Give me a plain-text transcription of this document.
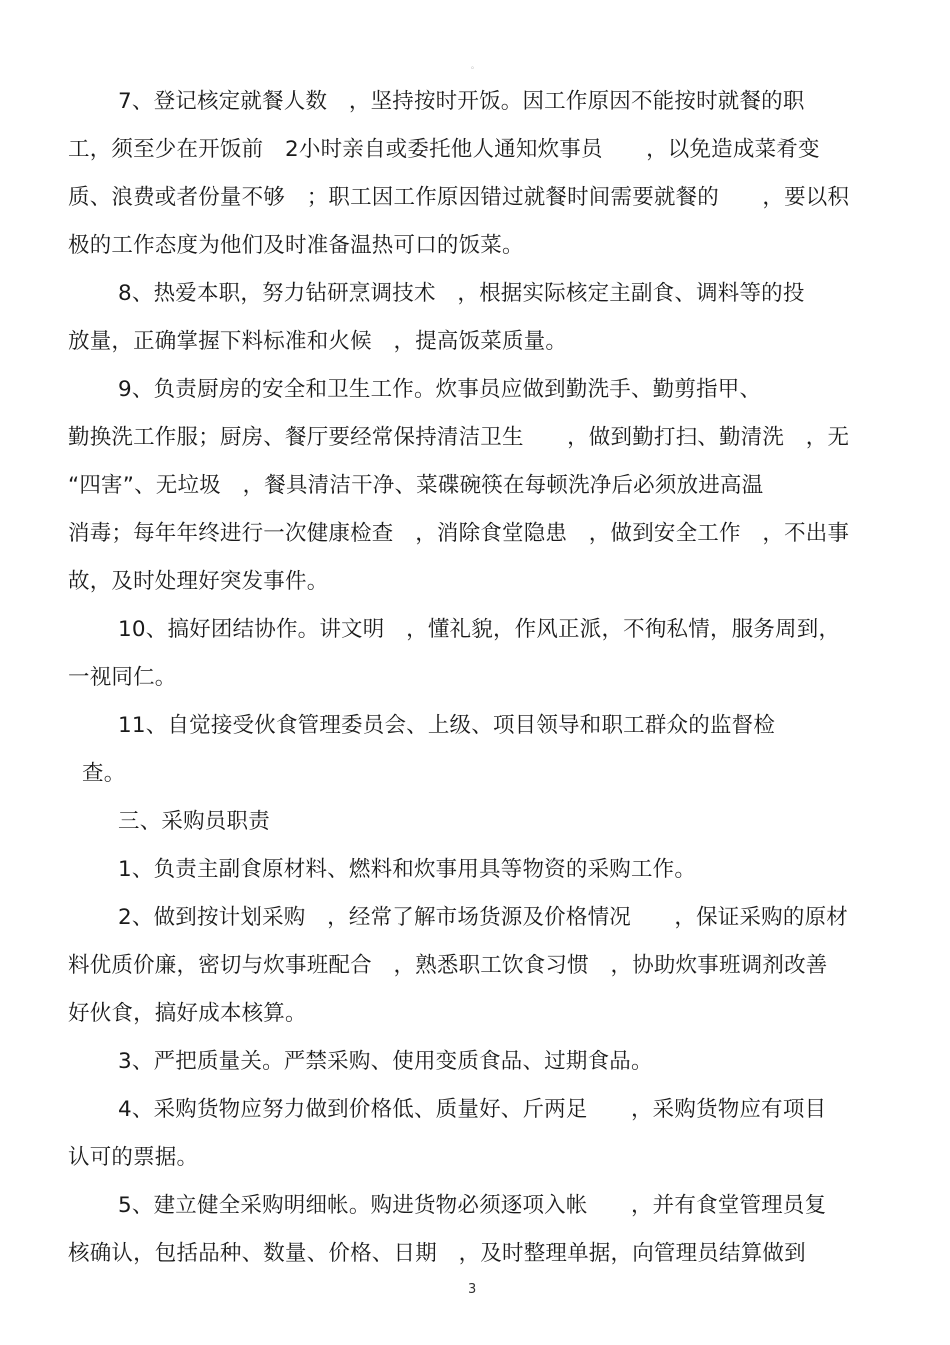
。
7、登记核定就餐人数　，坚持按时开饭。因工作原因不能按时就餐的职
工，须至少在开饭前　2小时亲自或委托他人通知炊事员　　，以免造成菜肴变
质、浪费或者份量不够　；职工因工作原因错过就餐时间需要就餐的　　，要以积
极的工作态度为他们及时准备温热可口的饭菜。
8、热爱本职，努力钻研烹调技术　，根据实际核定主副食、调料等的投
放量，正确掌握下料标准和火候　，提高饭菜质量。
9、负责厨房的安全和卫生工作。炊事员应做到勤洗手、勤剪指甲、
勤换洗工作服；厨房、餐厅要经常保持清洁卫生　　，做到勤打扫、勤清洗　，无
“四害”、无垃圾　，餐具清洁干净、菜碟碗筷在每顿洗净后必须放进高温
消毒；每年年终进行一次健康检查　，消除食堂隐患　，做到安全工作　，不出事
故，及时处理好突发事件。
10、搞好团结协作。讲文明　，懂礼貌，作风正派，不徇私情，服务周到，
一视同仁。
11、自觉接受伙食管理委员会、上级、项目领导和职工群众的监督检
查。
三、采购员职责
1、负责主副食原材料、燃料和炊事用具等物资的采购工作。
2、做到按计划采购　，经常了解市场货源及价格情况　　，保证采购的原材
料优质价廉，密切与炊事班配合　，熟悉职工饮食习惯　，协助炊事班调剂改善
好伙食，搞好成本核算。
3、严把质量关。严禁采购、使用变质食品、过期食品。
4、采购货物应努力做到价格低、质量好、斤两足　　，采购货物应有项目
认可的票据。
5、建立健全采购明细帐。购进货物必须逐项入帐　　，并有食堂管理员复
核确认，包括品种、数量、价格、日期　，及时整理单据，向管理员结算做到
3
